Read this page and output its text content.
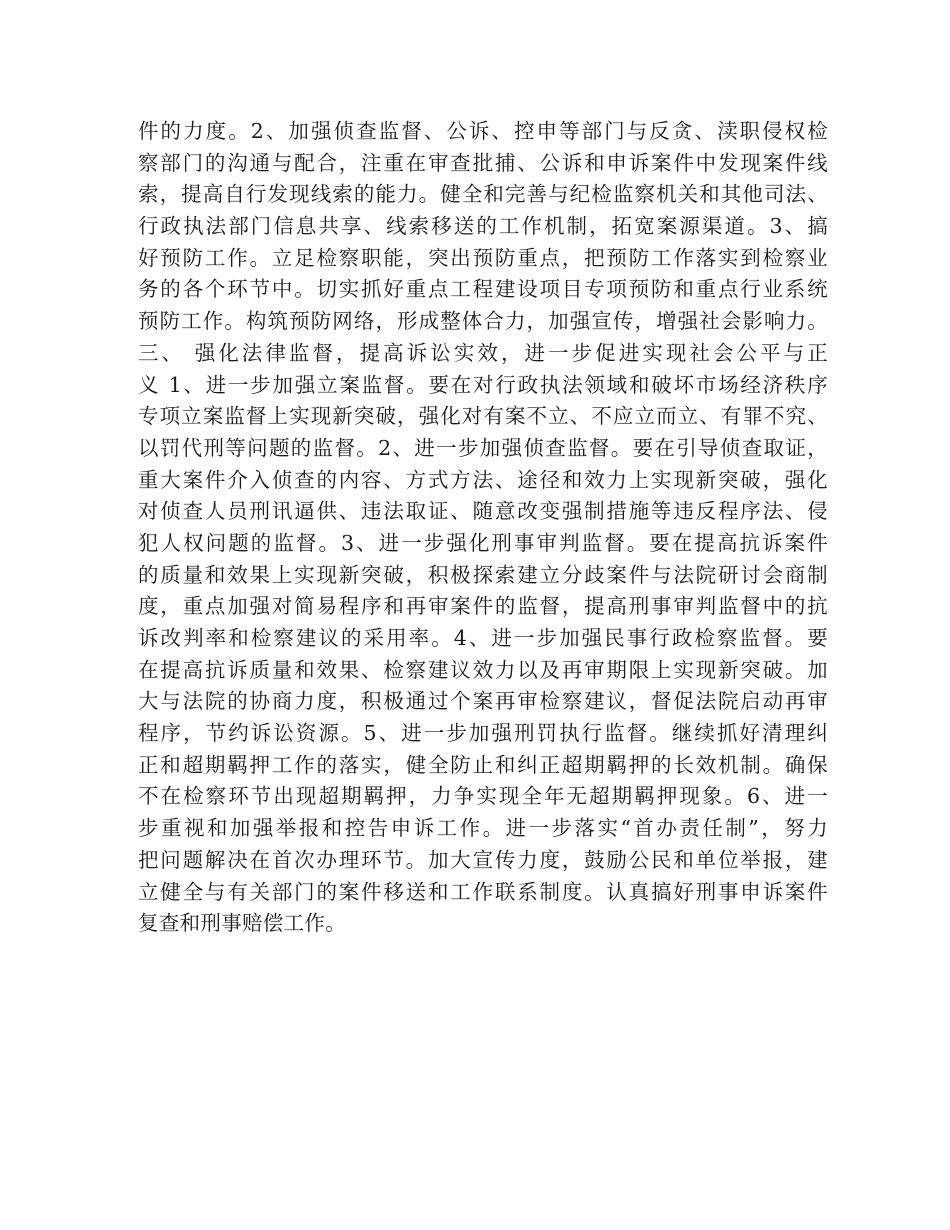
件的力度。2、加强侦查监督、公诉、控申等部门与反贪、渎职侵权检
察部门的沟通与配合，注重在审查批捕、公诉和申诉案件中发现案件线
索，提高自行发现线索的能力。健全和完善与纪检监察机关和其他司法、
行政执法部门信息共享、线索移送的工作机制，拓宽案源渠道。3、搞
好预防工作。立足检察职能，突出预防重点，把预防工作落实到检察业
务的各个环节中。切实抓好重点工程建设项目专项预防和重点行业系统
预防工作。构筑预防网络，形成整体合力，加强宣传，增强社会影响力。
三、 强化法律监督，提高诉讼实效，进一步促进实现社会公平与正
义 1、进一步加强立案监督。要在对行政执法领域和破坏市场经济秩序
专项立案监督上实现新突破，强化对有案不立、不应立而立、有罪不究、
以罚代刑等问题的监督。2、进一步加强侦查监督。要在引导侦查取证，
重大案件介入侦查的内容、方式方法、途径和效力上实现新突破，强化
对侦查人员刑讯逼供、违法取证、随意改变强制措施等违反程序法、侵
犯人权问题的监督。3、进一步强化刑事审判监督。要在提高抗诉案件
的质量和效果上实现新突破，积极探索建立分歧案件与法院研讨会商制
度，重点加强对简易程序和再审案件的监督，提高刑事审判监督中的抗
诉改判率和检察建议的采用率。4、进一步加强民事行政检察监督。要
在提高抗诉质量和效果、检察建议效力以及再审期限上实现新突破。加
大与法院的协商力度，积极通过个案再审检察建议，督促法院启动再审
程序，节约诉讼资源。5、进一步加强刑罚执行监督。继续抓好清理纠
正和超期羁押工作的落实，健全防止和纠正超期羁押的长效机制。确保
不在检察环节出现超期羁押，力争实现全年无超期羁押现象。6、进一
步重视和加强举报和控告申诉工作。进一步落实“首办责任制”，努力
把问题解决在首次办理环节。加大宣传力度，鼓励公民和单位举报，建
立健全与有关部门的案件移送和工作联系制度。认真搞好刑事申诉案件
复查和刑事赔偿工作。
